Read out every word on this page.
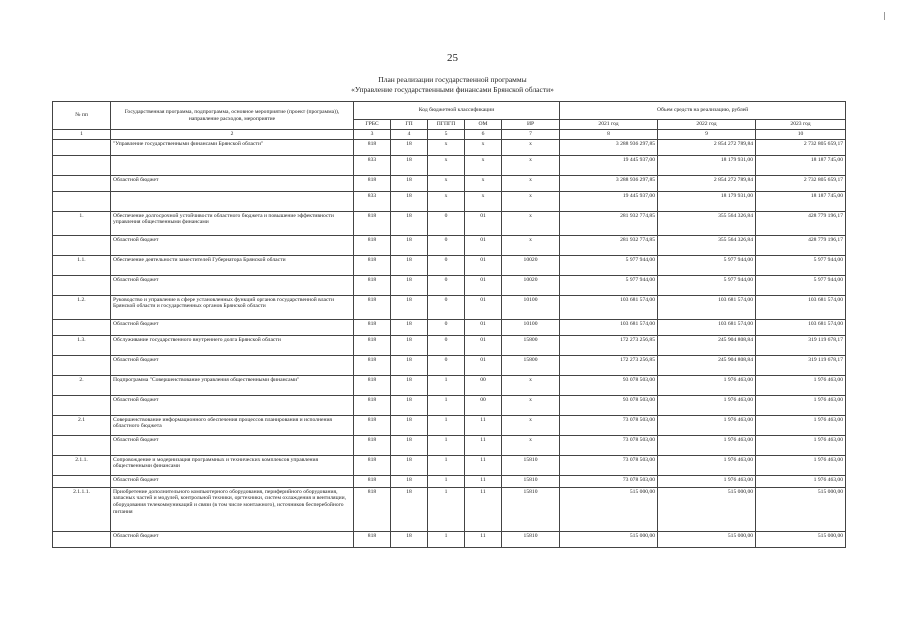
25
План реализации государственной программы
«Управление государственными финансами Брянской области»
№ пп	Государственная программа, подпрограмма, основное мероприятие (проект (программа)), направление расходов, мероприятие	Код бюджетной классификации					Объем средств на реализацию, рублей		
		ГРБС	ГП	ПГПГП	ОМ	ИР	2021 год	2022 год	2023 год
1	2	3	4	5	6	7	8	9	10
	"Управление государственными финансами Брянской области"	818	18	х	х	х	3 288 936 297,85	2 854 272 789,84	2 732 805 659,17
		833	18	х	х	х	19 445 937,00	18 179 931,00	18 187 745,00
	Областной бюджет	818	18	х	х	х	3 288 936 297,85	2 854 272 789,84	2 732 805 659,17
		833	18	х	х	х	19 445 937,00	18 179 931,00	18 187 745,00
1.	Обеспечение долгосрочной устойчивости областного бюджета и повышение эффективности управления общественными финансами	818	18	0	01	х	281 932 774,85	355 564 326,84	428 779 196,17
	Областной бюджет	818	18	0	01	х	281 932 774,85	355 564 326,84	428 779 196,17
1.1.	Обеспечение деятельности заместителей Губернатора Брянской области	818	18	0	01	10020	5 977 944,00	5 977 944,00	5 977 944,00
	Областной бюджет	818	18	0	01	10020	5 977 944,00	5 977 944,00	5 977 944,00
1.2.	Руководство и управление в сфере установленных функций органов государственной власти Брянской области и государственных органов Брянской области	818	18	0	01	10100	103 681 574,00	103 681 574,00	103 681 574,00
	Областной бюджет	818	18	0	01	10100	103 681 574,00	103 681 574,00	103 681 574,00
1.3.	Обслуживание государственного внутреннего долга Брянской области	818	18	0	01	15800	172 273 256,85	245 904 808,84	319 119 678,17
	Областной бюджет	818	18	0	01	15800	172 273 256,85	245 904 808,84	319 119 678,17
2.	Подпрограмма "Совершенствование управления общественными финансами"	818	18	1	00	х	93 078 503,00	1 976 463,00	1 976 463,00
	Областной бюджет	818	18	1	00	х	93 078 503,00	1 976 463,00	1 976 463,00
2.1	Совершенствование информационного обеспечения процессов планирования и исполнения областного бюджета	818	18	1	11	х	73 078 503,00	1 976 463,00	1 976 463,00
	Областной бюджет	818	18	1	11	х	73 078 503,00	1 976 463,00	1 976 463,00
2.1.1.	Сопровождение и модернизация программных и технических комплексов управления общественными финансами	818	18	1	11	15810	73 078 503,00	1 976 463,00	1 976 463,00
	Областной бюджет	818	18	1	11	15810	73 078 503,00	1 976 463,00	1 976 463,00
2.1.1.1.	Приобретение дополнительного компьютерного оборудования, периферийного оборудования, запасных частей и модулей, контрольной техники, оргтехники, систем охлаждения и вентиляции, оборудования телекоммуникаций и связи (в том числе монтажного), источников бесперебойного питания	818	18	1	11	15810	515 000,00	515 000,00	515 000,00
	Областной бюджет	818	18	1	11	15810	515 000,00	515 000,00	515 000,00
